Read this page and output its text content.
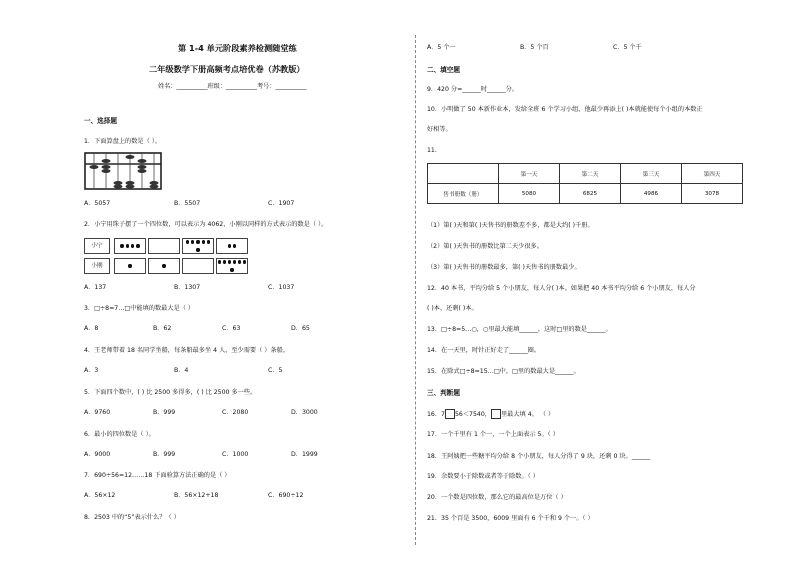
第 1-4 单元阶段素养检测随堂练
二年级数学下册高频考点培优卷（苏教版）
姓名：__________班级：__________考号：__________
一、选择题
1．下面算盘上的数是（ ）。
A．5057	B．5507	C．1907
2．小宁用珠子摆了一个四位数，可以表示为 4062，小刚以同样的方式表示的数是（ ）。
小宁
小刚
A．137	B．1307	C．1037
3．□÷8=7…□中能填的数最大是（ ）
A．8	B．62	C．63	D．65
4．王老师带着 18 名同学坐船，每条船最多坐 4 人，至少需要（ ）条船。
A．3	B．4	C．5
5．下面四个数中，( ) 比 2500 多得多，( ) 比 2500 多一些。
A．9760	B．999	C．2080	D．3000
6．最小的四位数是（ ）。
A．9000	B．999	C．1000	D．1999
7．690÷56=12……18 下面验算方法正确的是（ ）
A．56×12	B．56×12+18	C．690÷12
8．2503 中的“5”表示什么？（ ）
A．5 个一	B．5 个百	C．5 个千
二、填空题
9．420 分=______时______分。
10．小明做了 50 本新作业本，发给全班 6 个学习小组，他最少再添上( )本就能使每个小组的本数正
好相等。
11．
	第一天	第二天	第三天	第四天
售书册数（册）	5080	6825	4986	3078
（1）第( )天和第( )天售书的册数差不多，都是大约( )千册。
（2）第( )天售书的册数比第二天少很多。
（3）第( )天售书的册数最多，第( )天售书的册数最少。
12．40 本书，平均分给 5 个小朋友，每人分( )本。如果把 40 本书平均分给 6 个小朋友，每人分
( )本，还剩( )本。
13．□÷8=5…○，○里最大能填______，这时□里的数是______。
14．在一天里，时针正好走了______圈。
15．在除式□÷8=15…□中，□里的数最大是______。
三、判断题
16．7 56＜7540， 里最大填 4。 （ ）
17．一个千里有 1 个一，一个上面表示 5。（ ）
18．王阿姨把一些糖平均分给 8 个小朋友，每人分得了 9 块，还剩 0 块。______
19．余数要小于除数或者等于除数。（ ）
20．一个数是四位数，那么它的最高位是万位（ ）
21．35 个百是 3500，6009 里面有 6 个千和 9 个一。（ ）
